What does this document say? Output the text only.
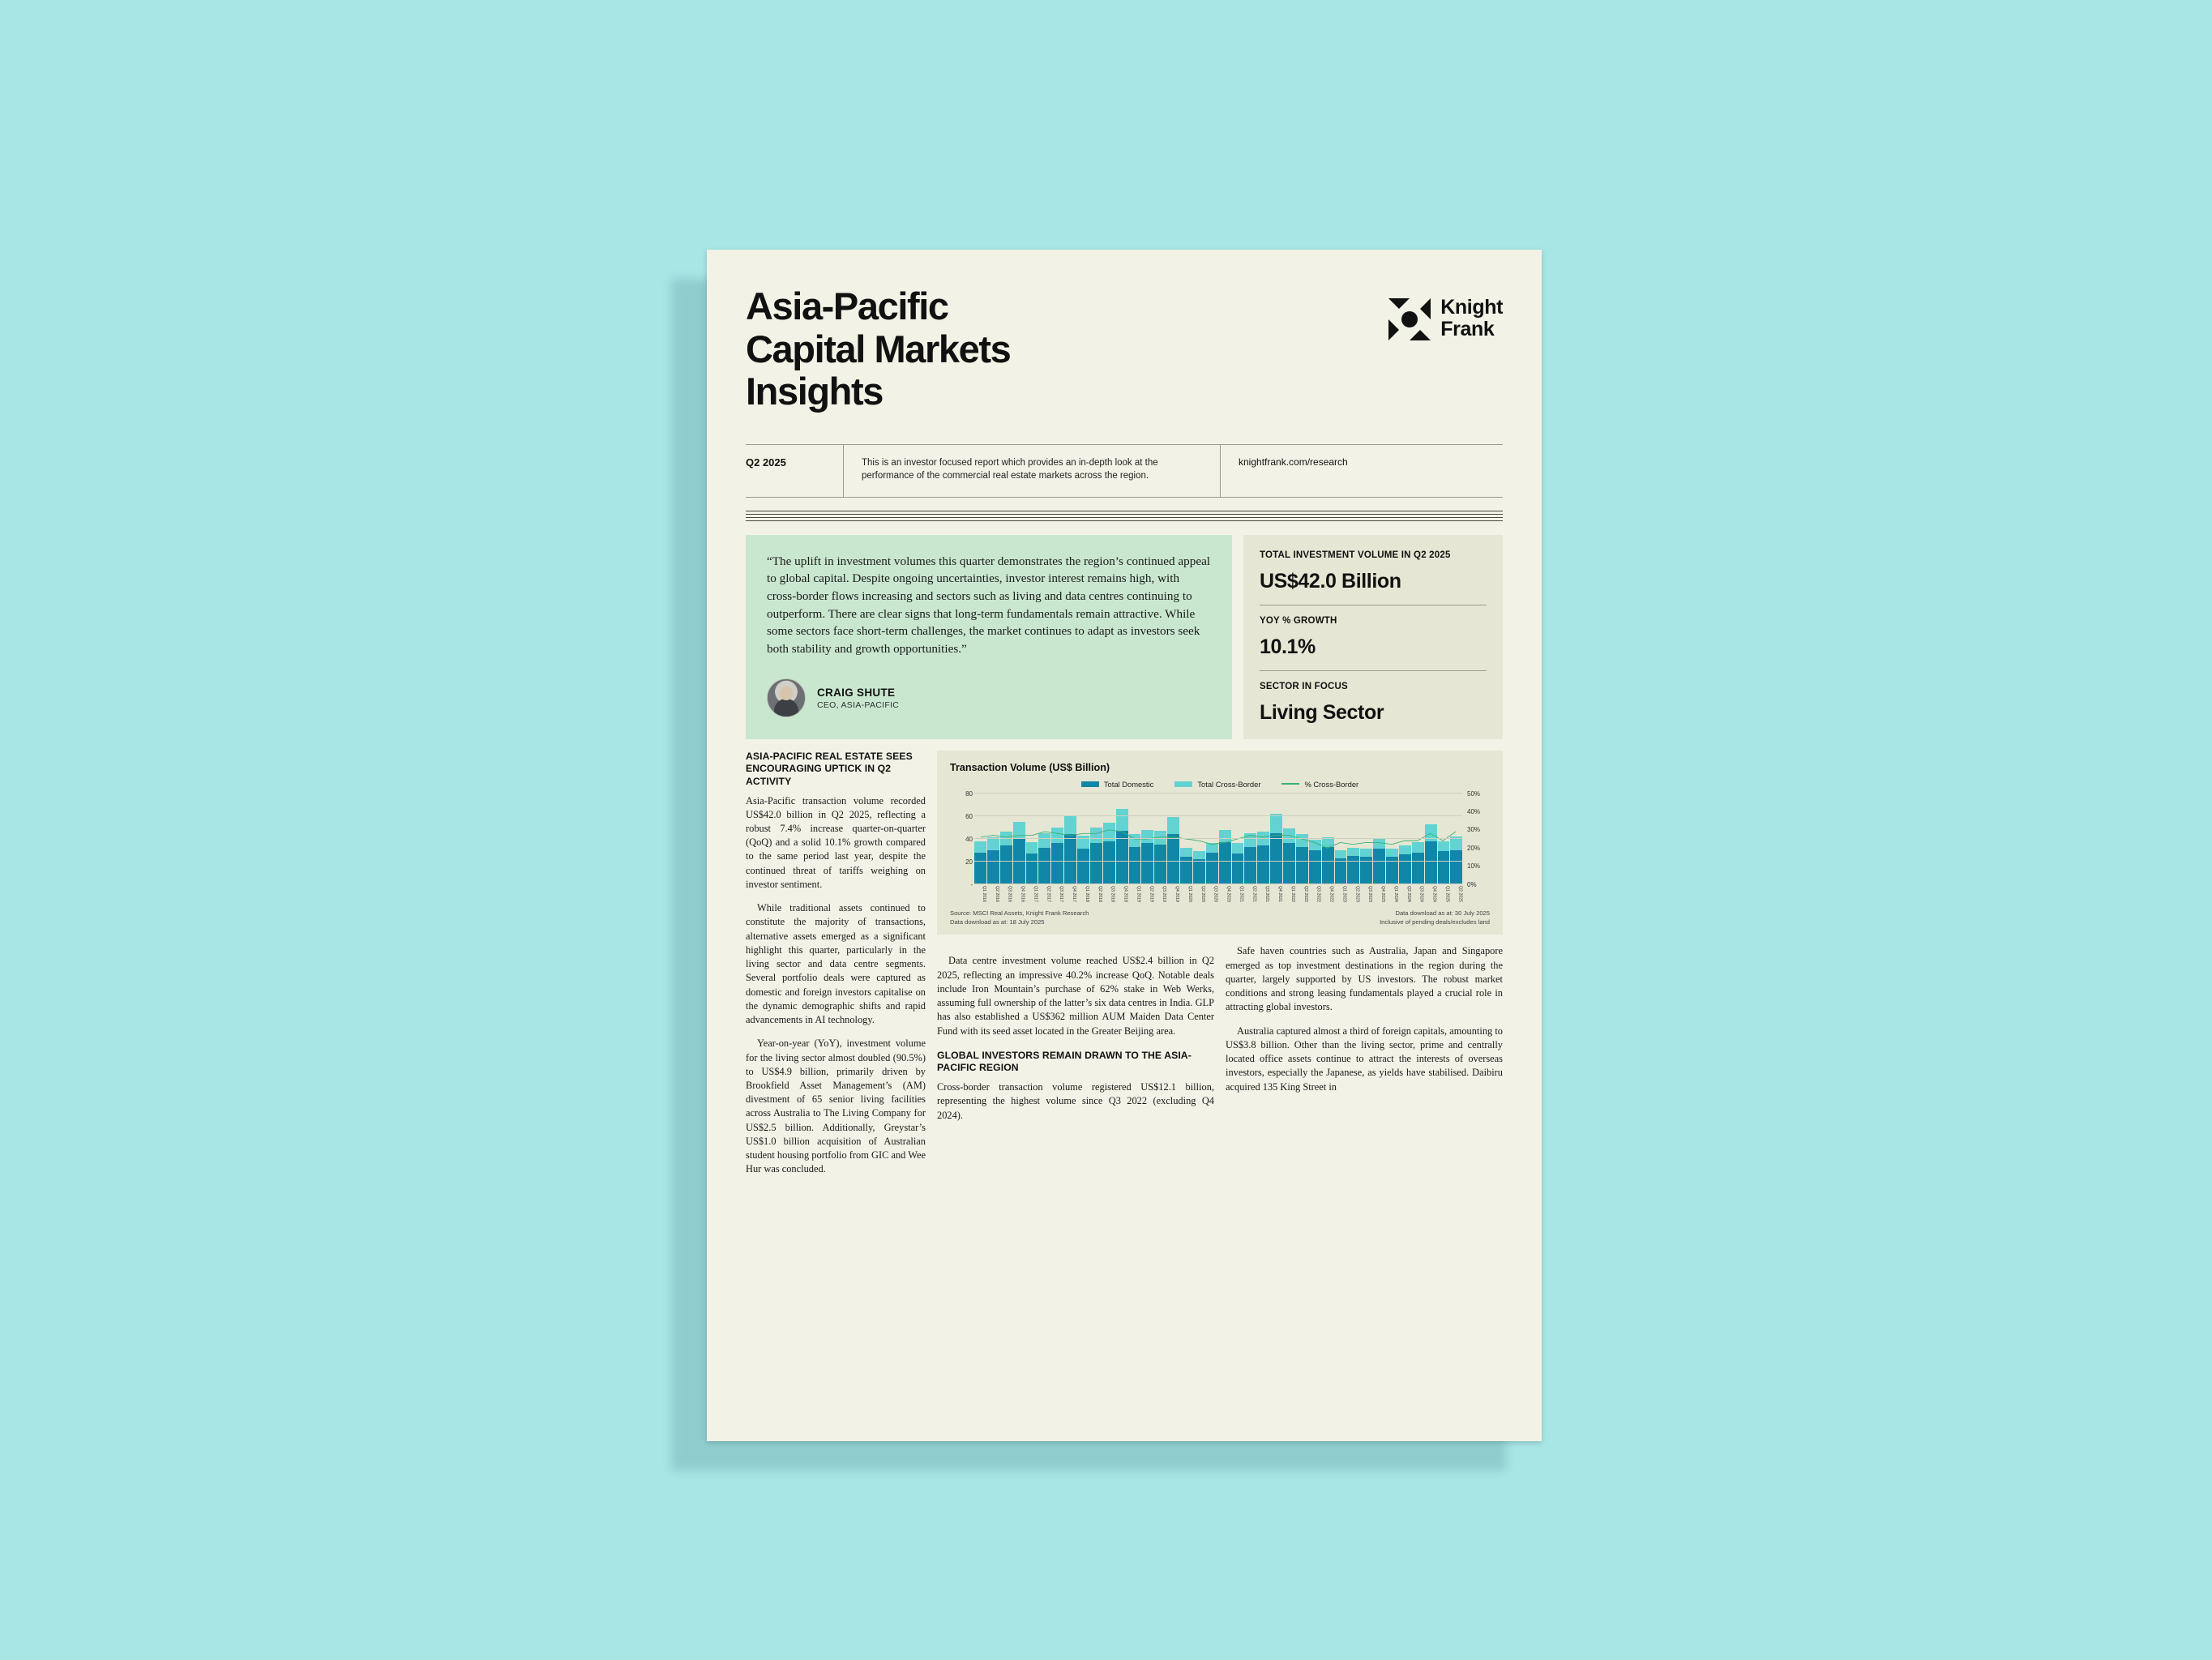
Asia-Pacific
Capital Markets
Insights
Knight
Frank
Q2 2025	This is an investor focused report which provides an in-depth look at the performance of the commercial real estate markets across the region.
knightfrank.com/research
“The uplift in investment volumes this quarter demonstrates the region’s continued appeal to global capital. Despite ongoing uncertainties, investor interest remains high, with cross-border flows increasing and sectors such as living and data centres continuing to outperform. There are clear signs that long-term fundamentals remain attractive. While some sectors face short-term challenges, the market continues to adapt as investors seek both stability and growth opportunities.”
CRAIG SHUTE
CEO, ASIA-PACIFIC
TOTAL INVESTMENT VOLUME IN Q2 2025
US$42.0 Billion
YOY % GROWTH
10.1%
SECTOR IN FOCUS
Living Sector
ASIA-PACIFIC REAL ESTATE SEES ENCOURAGING UPTICK IN Q2 ACTIVITY

Asia-Pacific transaction volume recorded US$42.0 billion in Q2 2025, reflecting a robust 7.4% increase quarter-on-quarter (QoQ) and a solid 10.1% growth compared to the same period last year, despite the continued threat of tariffs weighing on investor sentiment.

While traditional assets continued to constitute the majority of transactions, alternative assets emerged as a significant highlight this quarter, particularly in the living sector and data centre segments. Several portfolio deals were captured as domestic and foreign investors capitalise on the dynamic demographic shifts and rapid advancements in AI technology.

Year-on-year (YoY), investment volume for the living sector almost doubled (90.5%) to US$4.9 billion, primarily driven by Brookfield Asset Management’s (AM) divestment of 65 senior living facilities across Australia to The Living Company for US$2.5 billion. Additionally, Greystar’s US$1.0 billion acquisition of Australian student housing portfolio from GIC and Wee Hur was concluded.

Transaction Volume (US$ Billion)
Total Domestic	Total Cross-Border	% Cross-Border
-
20
40
60
80
0%
10%
20%
30%
40%
50%
Q1 2016	Q2 2016	Q3 2016	Q4 2016	Q1 2017	Q2 2017	Q3 2017	Q4 2017	Q1 2018	Q2 2018	Q3 2018	Q4 2018	Q1 2019	Q2 2019	Q3 2019	Q4 2019	Q1 2020	Q2 2020	Q3 2020	Q4 2020	Q1 2021	Q2 2021	Q3 2021	Q4 2021	Q1 2022	Q2 2022	Q3 2022	Q4 2022	Q1 2023	Q2 2023	Q3 2023	Q4 2023	Q1 2024	Q2 2024	Q3 2024	Q4 2024	Q1 2025	Q2 2025
Source: MSCI Real Assets, Knight Frank Research
Data download as at: 18 July 2025
Data download as at: 30 July 2025
Inclusive of pending deals/excludes land

Data centre investment volume reached US$2.4 billion in Q2 2025, reflecting an impressive 40.2% increase QoQ. Notable deals include Iron Mountain’s purchase of 62% stake in Web Werks, assuming full ownership of the latter’s six data centres in India. GLP has also established a US$362 million AUM Maiden Data Center Fund with its seed asset located in the Greater Beijing area.

GLOBAL INVESTORS REMAIN DRAWN TO THE ASIA-PACIFIC REGION

Cross-border transaction volume registered US$12.1 billion, representing the highest volume since Q3 2022 (excluding Q4 2024).

Safe haven countries such as Australia, Japan and Singapore emerged as top investment destinations in the region during the quarter, largely supported by US investors. The robust market conditions and strong leasing fundamentals played a crucial role in attracting global investors.

Australia captured almost a third of foreign capitals, amounting to US$3.8 billion. Other than the living sector, prime and centrally located office assets continue to attract the interests of overseas investors, especially the Japanese, as yields have stabilised. Daibiru acquired 135 King Street in
